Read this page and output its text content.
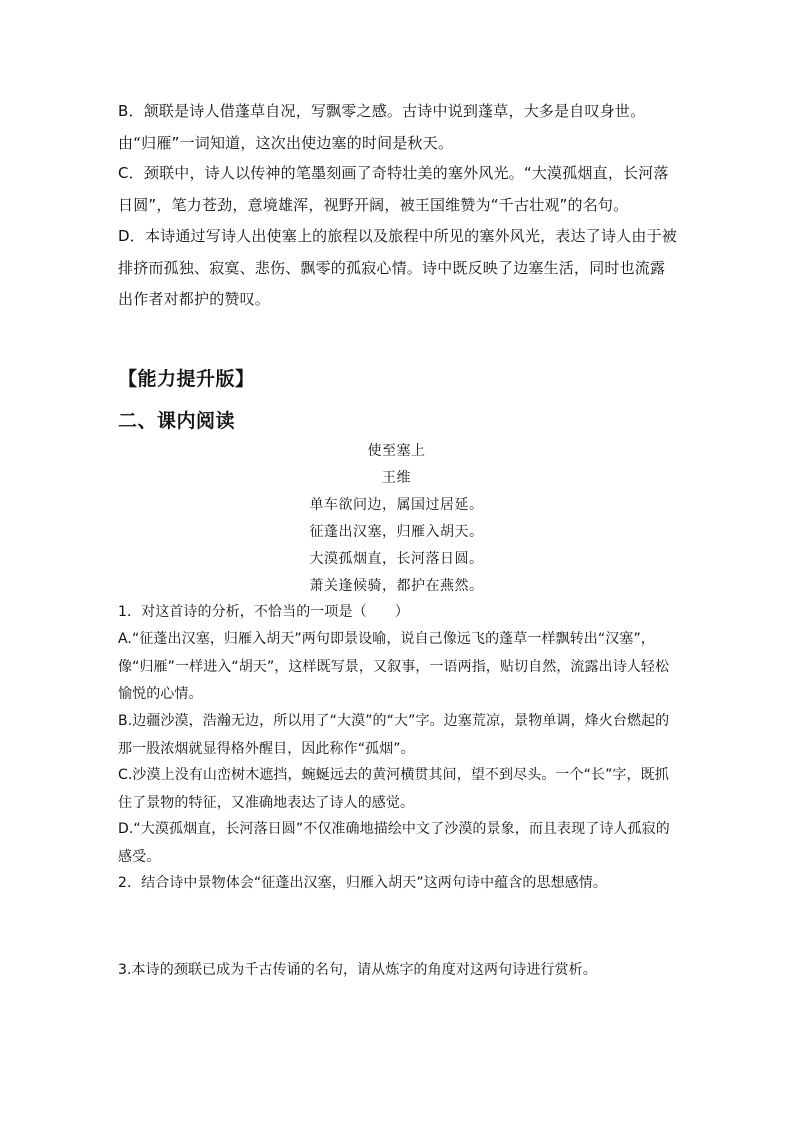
B．颔联是诗人借蓬草自况，写飘零之感。古诗中说到蓬草，大多是自叹身世。由“归雁”一词知道，这次出使边塞的时间是秋天。

C．颈联中，诗人以传神的笔墨刻画了奇特壮美的塞外风光。“大漠孤烟直，长河落日圆”，笔力苍劲，意境雄浑，视野开阔，被王国维赞为“千古壮观”的名句。

D．本诗通过写诗人出使塞上的旅程以及旅程中所见的塞外风光，表达了诗人由于被排挤而孤独、寂寞、悲伤、飘零的孤寂心情。诗中既反映了边塞生活，同时也流露出作者对都护的赞叹。

【能力提升版】
二、课内阅读

使至塞上

王维

单车欲问边，属国过居延。

征蓬出汉塞，归雁入胡天。

大漠孤烟直，长河落日圆。

萧关逢候骑，都护在燕然。

1．对这首诗的分析，不恰当的一项是（　　）

A.“征蓬出汉塞，归雁入胡天”两句即景设喻，说自己像远飞的蓬草一样飘转出“汉塞”，像“归雁”一样进入“胡天”，这样既写景，又叙事，一语两指，贴切自然，流露出诗人轻松愉悦的心情。

B.边疆沙漠，浩瀚无边，所以用了“大漠”的“大”字。边塞荒凉，景物单调，烽火台燃起的那一股浓烟就显得格外醒目，因此称作“孤烟”。

C.沙漠上没有山峦树木遮挡，蜿蜒远去的黄河横贯其间，望不到尽头。一个“长”字，既抓住了景物的特征，又准确地表达了诗人的感觉。

D.“大漠孤烟直，长河落日圆”不仅准确地描绘中文了沙漠的景象，而且表现了诗人孤寂的感受。

2．结合诗中景物体会“征蓬出汉塞，归雁入胡天”这两句诗中蕴含的思想感情。

3.本诗的颈联已成为千古传诵的名句，请从炼字的角度对这两句诗进行赏析。
